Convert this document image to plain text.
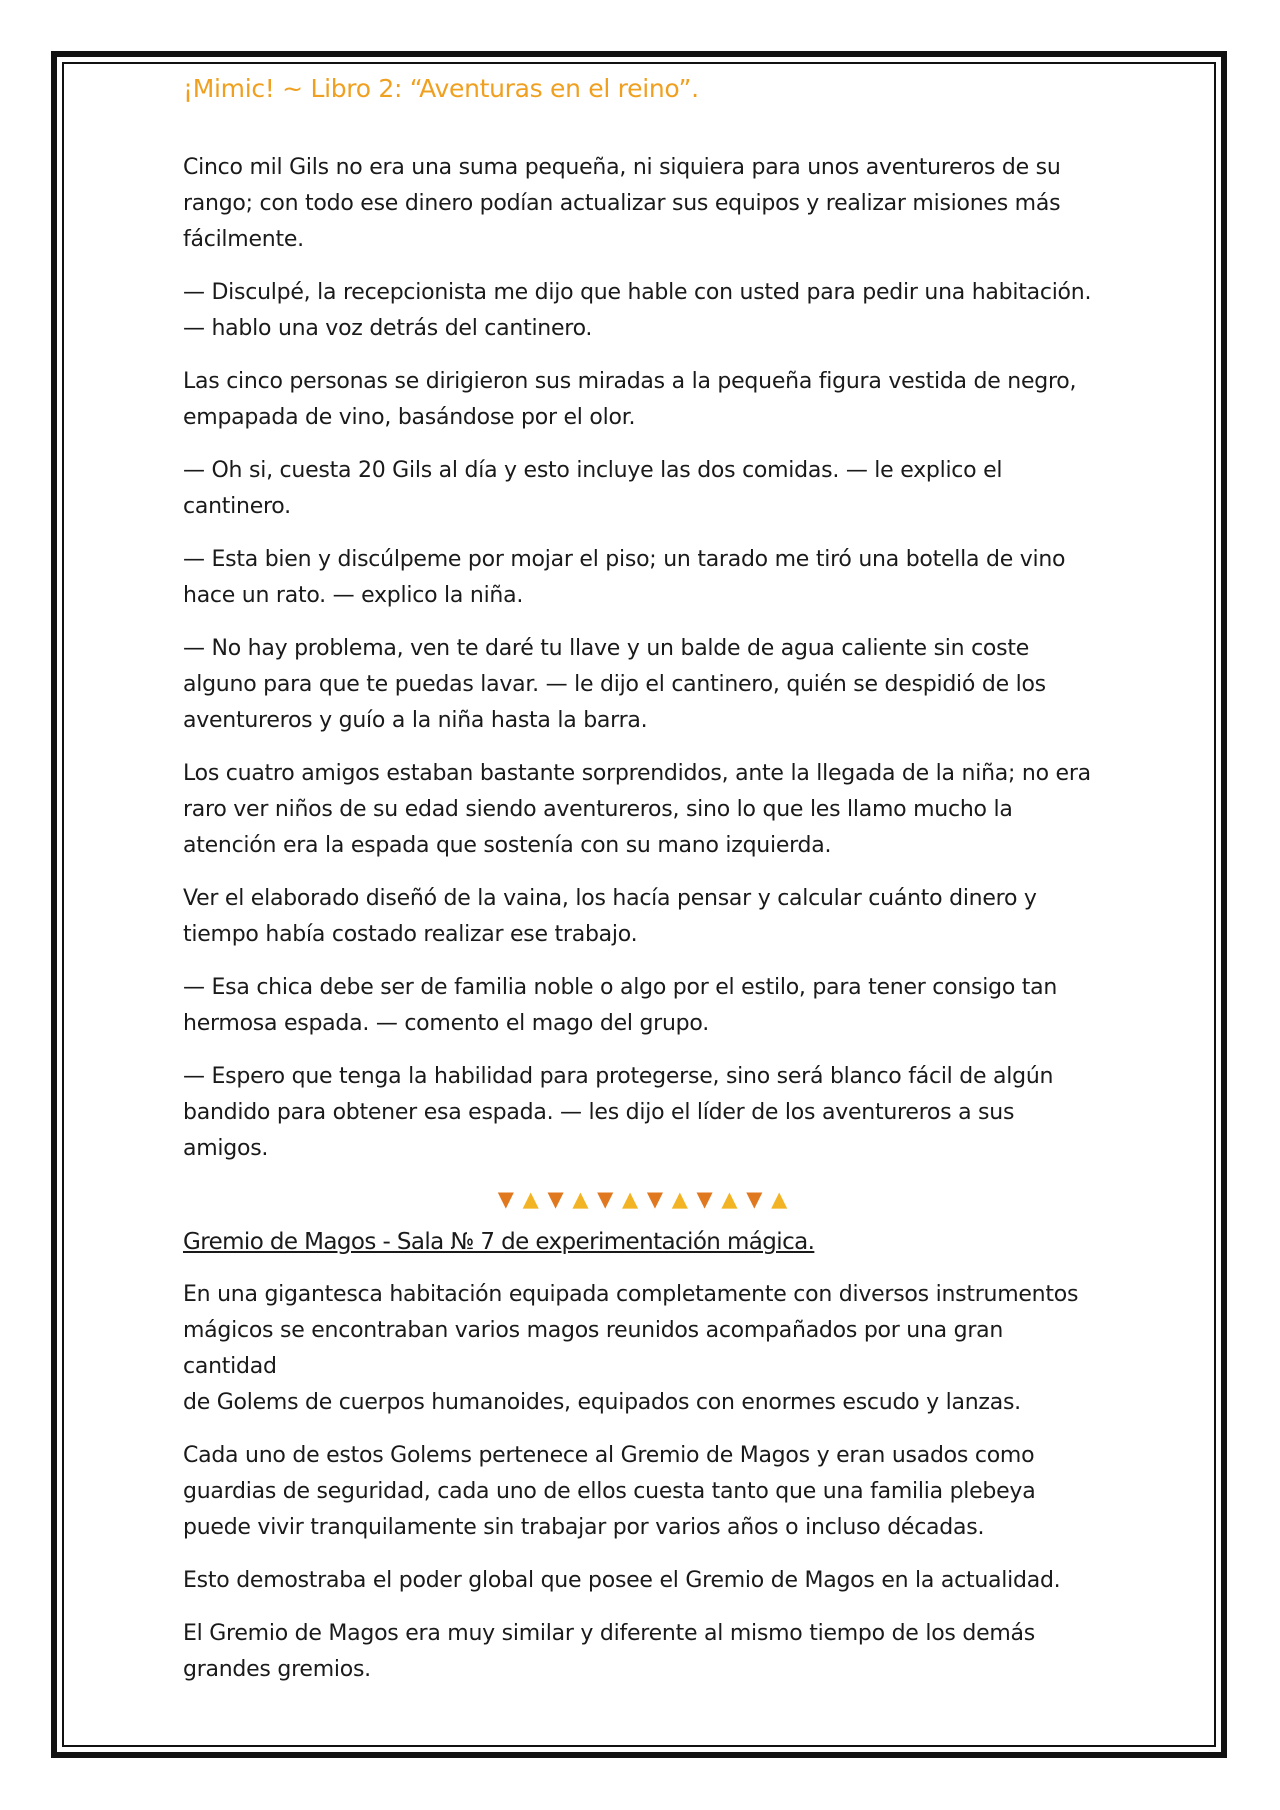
¡Mimic! ~ Libro 2: “Aventuras en el reino”.

Cinco mil Gils no era una suma pequeña, ni siquiera para unos aventureros de su
rango; con todo ese dinero podían actualizar sus equipos y realizar misiones más
fácilmente.

— Disculpé, la recepcionista me dijo que hable con usted para pedir una habitación.
— hablo una voz detrás del cantinero.

Las cinco personas se dirigieron sus miradas a la pequeña figura vestida de negro,
empapada de vino, basándose por el olor.

— Oh si, cuesta 20 Gils al día y esto incluye las dos comidas. — le explico el
cantinero.

— Esta bien y discúlpeme por mojar el piso; un tarado me tiró una botella de vino
hace un rato. — explico la niña.

— No hay problema, ven te daré tu llave y un balde de agua caliente sin coste
alguno para que te puedas lavar. — le dijo el cantinero, quién se despidió de los
aventureros y guío a la niña hasta la barra.

Los cuatro amigos estaban bastante sorprendidos, ante la llegada de la niña; no era
raro ver niños de su edad siendo aventureros, sino lo que les llamo mucho la
atención era la espada que sostenía con su mano izquierda.

Ver el elaborado diseñó de la vaina, los hacía pensar y calcular cuánto dinero y
tiempo había costado realizar ese trabajo.

— Esa chica debe ser de familia noble o algo por el estilo, para tener consigo tan
hermosa espada. — comento el mago del grupo.

— Espero que tenga la habilidad para protegerse, sino será blanco fácil de algún
bandido para obtener esa espada. — les dijo el líder de los aventureros a sus
amigos.

▼ ▲ ▼ ▲ ▼ ▲ ▼ ▲ ▼ ▲ ▼ ▲
Gremio de Magos - Sala № 7 de experimentación mágica.

En una gigantesca habitación equipada completamente con diversos instrumentos
mágicos se encontraban varios magos reunidos acompañados por una gran cantidad
de Golems de cuerpos humanoides, equipados con enormes escudo y lanzas.

Cada uno de estos Golems pertenece al Gremio de Magos y eran usados como
guardias de seguridad, cada uno de ellos cuesta tanto que una familia plebeya
puede vivir tranquilamente sin trabajar por varios años o incluso décadas.

Esto demostraba el poder global que posee el Gremio de Magos en la actualidad.

El Gremio de Magos era muy similar y diferente al mismo tiempo de los demás
grandes gremios.
